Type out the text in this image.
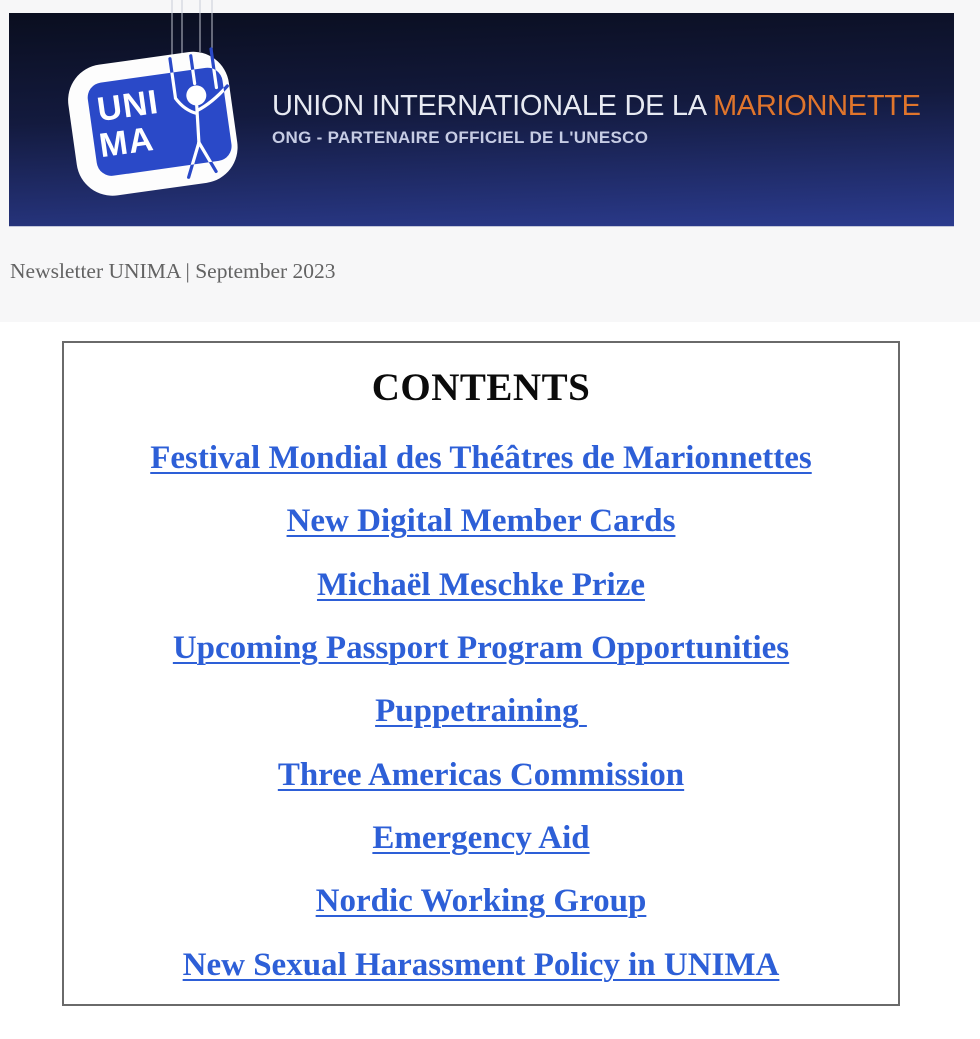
UNION INTERNATIONALE DE LA MARIONNETTE
ONG - PARTENAIRE OFFICIEL DE L'UNESCO
UNI
MA
Newsletter UNIMA | September 2023
CONTENTS
Festival Mondial des Théâtres de Marionnettes
New Digital Member Cards
Michaël Meschke Prize
Upcoming Passport Program Opportunities
Puppetraining
Three Americas Commission
Emergency Aid
Nordic Working Group
New Sexual Harassment Policy in UNIMA
